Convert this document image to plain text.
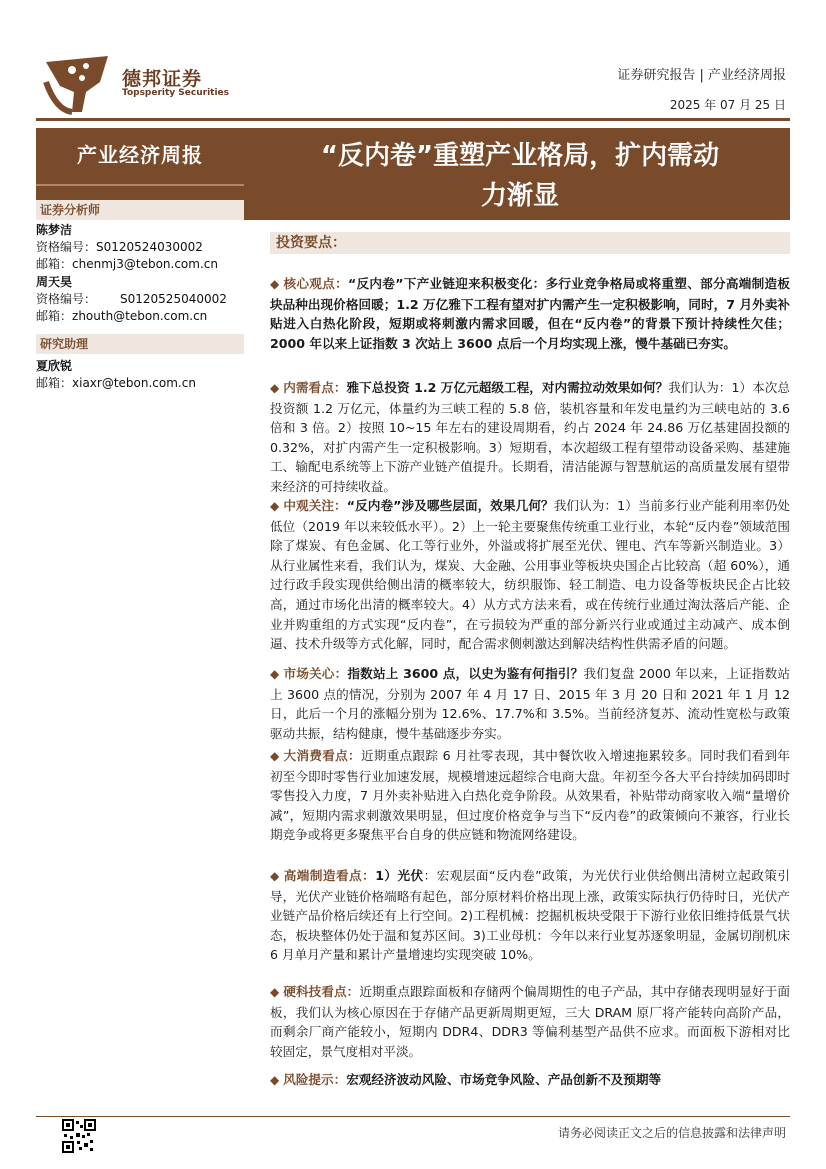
德邦证券
Topsperity Securities
证券研究报告 | 产业经济周报
2025 年 07 月 25 日
产业经济周报	“反内卷”重塑产业格局，扩内需动
力渐显
证券分析师
陈梦洁
资格编号：S0120524030002
邮箱：chenmj3@tebon.com.cn
周天昊
资格编号： S0120525040002
邮箱：zhouth@tebon.com.cn
研究助理
夏欣锐
邮箱：xiaxr@tebon.com.cn
投资要点：
◆ 核心观点：“反内卷”下产业链迎来积极变化：多行业竞争格局或将重塑、部分高端制造板块品种出现价格回暖；1.2 万亿雅下工程有望对扩内需产生一定积极影响，同时，7 月外卖补贴进入白热化阶段，短期或将刺激内需求回暖，但在“反内卷”的背景下预计持续性欠佳；2000 年以来上证指数 3 次站上 3600 点后一个月均实现上涨，慢牛基础已夯实。
◆ 内需看点：雅下总投资 1.2 万亿元超级工程，对内需拉动效果如何？我们认为：1）本次总投资额 1.2 万亿元，体量约为三峡工程的 5.8 倍，装机容量和年发电量约为三峡电站的 3.6 倍和 3 倍。2）按照 10~15 年左右的建设周期看，约占 2024 年 24.86 万亿基建固投额的 0.32%，对扩内需产生一定积极影响。3）短期看，本次超级工程有望带动设备采购、基建施工、输配电系统等上下游产业链产值提升。长期看，清洁能源与智慧航运的高质量发展有望带来经济的可持续收益。
◆ 中观关注：“反内卷”涉及哪些层面，效果几何？我们认为：1）当前多行业产能利用率仍处低位（2019 年以来较低水平）。2）上一轮主要聚焦传统重工业行业，本轮“反内卷”领域范围除了煤炭、有色金属、化工等行业外，外溢或将扩展至光伏、锂电、汽车等新兴制造业。3）从行业属性来看，我们认为，煤炭、大金融、公用事业等板块央国企占比较高（超 60%），通过行政手段实现供给侧出清的概率较大，纺织服饰、轻工制造、电力设备等板块民企占比较高，通过市场化出清的概率较大。4）从方式方法来看，或在传统行业通过淘汰落后产能、企业并购重组的方式实现“反内卷”，在亏损较为严重的部分新兴行业或通过主动减产、成本倒逼、技术升级等方式化解，同时，配合需求侧刺激达到解决结构性供需矛盾的问题。
◆ 市场关心：指数站上 3600 点，以史为鉴有何指引？我们复盘 2000 年以来，上证指数站上 3600 点的情况，分别为 2007 年 4 月 17 日、2015 年 3 月 20 日和 2021 年 1 月 12 日，此后一个月的涨幅分别为 12.6%、17.7%和 3.5%。当前经济复苏、流动性宽松与政策驱动共振，结构健康，慢牛基础逐步夯实。
◆ 大消费看点：近期重点跟踪 6 月社零表现，其中餐饮收入增速拖累较多。同时我们看到年初至今即时零售行业加速发展，规模增速远超综合电商大盘。年初至今各大平台持续加码即时零售投入力度，7 月外卖补贴进入白热化竞争阶段。从效果看，补贴带动商家收入端“量增价减”，短期内需求刺激效果明显，但过度价格竞争与当下“反内卷”的政策倾向不兼容，行业长期竞争或将更多聚焦平台自身的供应链和物流网络建设。
◆ 高端制造看点：1）光伏：宏观层面“反内卷”政策，为光伏行业供给侧出清树立起政策引导，光伏产业链价格端略有起色，部分原材料价格出现上涨，政策实际执行仍待时日，光伏产业链产品价格后续还有上行空间。2)工程机械：挖掘机板块受限于下游行业依旧维持低景气状态，板块整体仍处于温和复苏区间。3)工业母机：今年以来行业复苏逐象明显，金属切削机床 6 月单月产量和累计产量增速均实现突破 10%。
◆ 硬科技看点：近期重点跟踪面板和存储两个偏周期性的电子产品，其中存储表现明显好于面板，我们认为核心原因在于存储产品更新周期更短，三大 DRAM 原厂将产能转向高阶产品，而剩余厂商产能较小，短期内 DDR4、DDR3 等偏利基型产品供不应求。而面板下游相对比较固定，景气度相对平淡。
◆ 风险提示：宏观经济波动风险、市场竞争风险、产品创新不及预期等
请务必阅读正文之后的信息披露和法律声明
